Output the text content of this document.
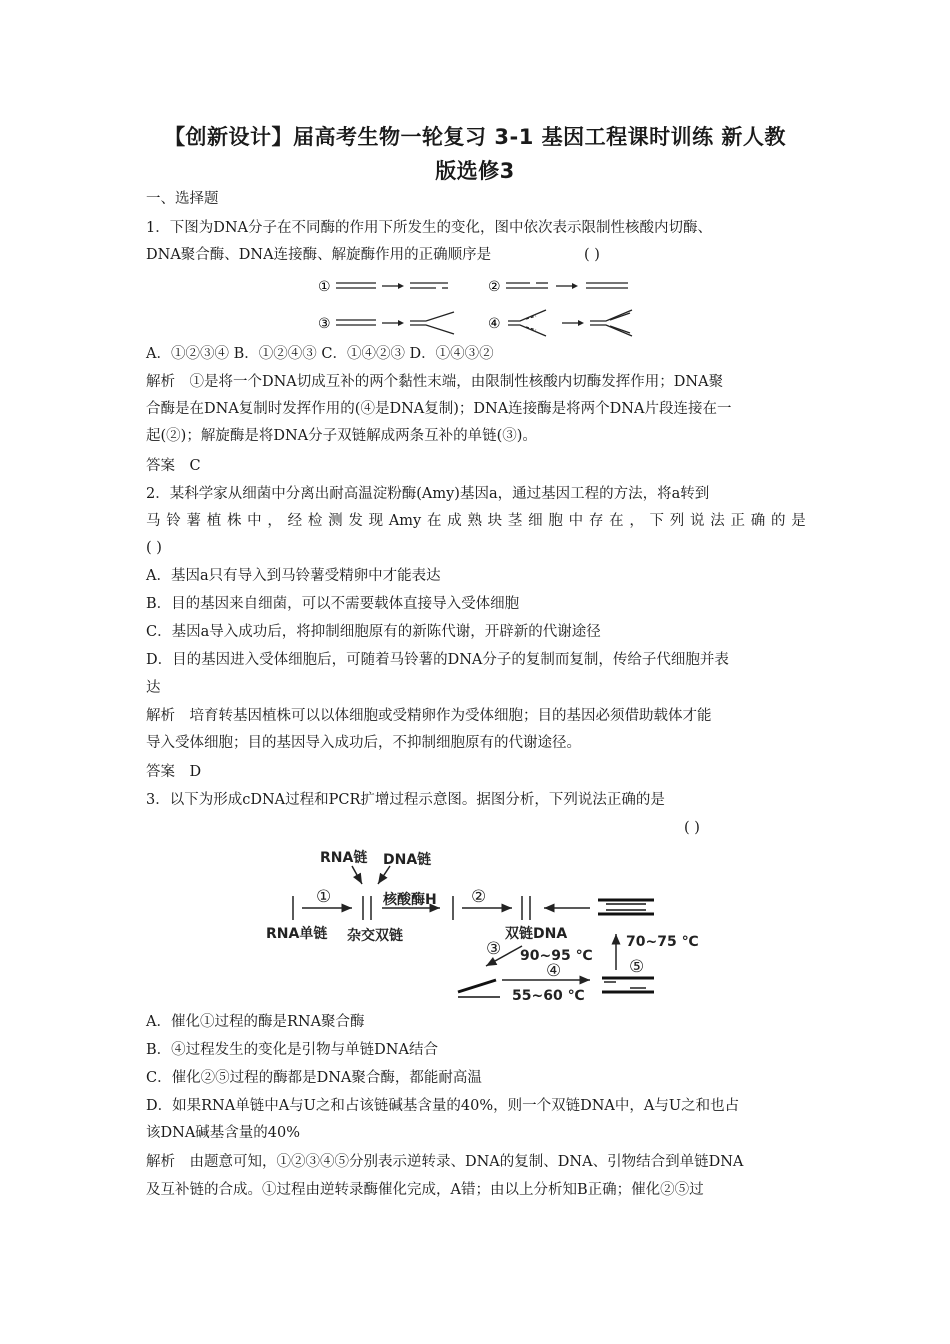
【创新设计】届高考生物一轮复习 3-1 基因工程课时训练 新人教
版选修3
一、选择题
1．下图为DNA分子在不同酶的作用下所发生的变化，图中依次表示限制性核酸内切酶、
DNA聚合酶、DNA连接酶、解旋酶作用的正确顺序是	( )
①	②
③	④
A．①②③④ B．①②④③ C．①④②③ D．①④③②
解析　①是将一个DNA切成互补的两个黏性末端，由限制性核酸内切酶发挥作用；DNA聚
合酶是在DNA复制时发挥作用的(④是DNA复制)；DNA连接酶是将两个DNA片段连接在一
起(②)；解旋酶是将DNA分子双链解成两条互补的单链(③)。
答案　C
2．某科学家从细菌中分离出耐高温淀粉酶(Amy)基因a，通过基因工程的方法，将a转到
马 铃 薯 植 株 中 ， 经 检 测 发 现 Amy 在 成 熟 块 茎 细 胞 中 存 在 ， 下 列 说 法 正 确 的 是
( )
A．基因a只有导入到马铃薯受精卵中才能表达
B．目的基因来自细菌，可以不需要载体直接导入受体细胞
C．基因a导入成功后，将抑制细胞原有的新陈代谢，开辟新的代谢途径
D．目的基因进入受体细胞后，可随着马铃薯的DNA分子的复制而复制，传给子代细胞并表
达
解析　培育转基因植株可以以体细胞或受精卵作为受体细胞；目的基因必须借助载体才能
导入受体细胞；目的基因导入成功后，不抑制细胞原有的代谢途径。
答案　D
3．以下为形成cDNA过程和PCR扩增过程示意图。据图分析，下列说法正确的是
( )
RNA链 DNA链
RNA单链 杂交双链
核酸酶H
双链DNA
90~95 ℃
55~60 ℃
70~75 ℃
①	②
③
④	⑤
A．催化①过程的酶是RNA聚合酶
B．④过程发生的变化是引物与单链DNA结合
C．催化②⑤过程的酶都是DNA聚合酶，都能耐高温
D．如果RNA单链中A与U之和占该链碱基含量的40%，则一个双链DNA中，A与U之和也占
该DNA碱基含量的40%
解析　由题意可知，①②③④⑤分别表示逆转录、DNA的复制、DNA、引物结合到单链DNA
及互补链的合成。①过程由逆转录酶催化完成，A错；由以上分析知B正确；催化②⑤过
